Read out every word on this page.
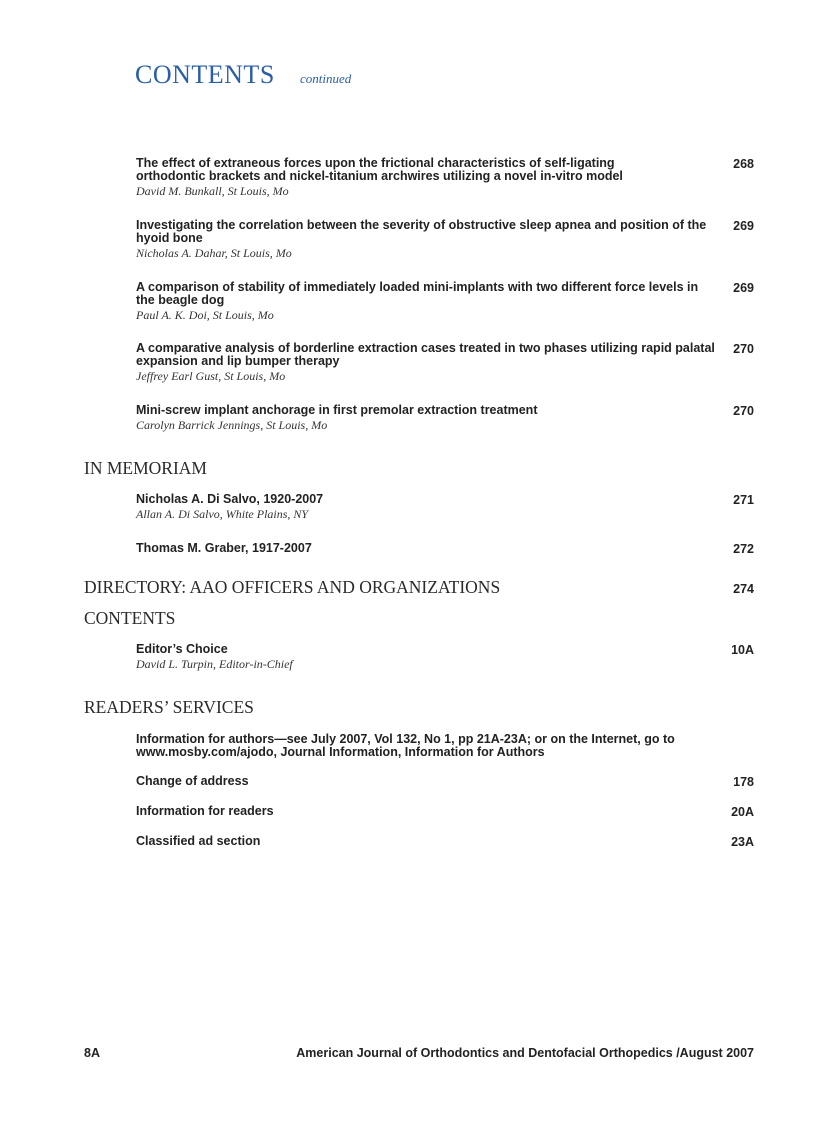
CONTENTS continued
The effect of extraneous forces upon the frictional characteristics of self-ligating orthodontic brackets and nickel-titanium archwires utilizing a novel in-vitro model
David M. Bunkall, St Louis, Mo
268
Investigating the correlation between the severity of obstructive sleep apnea and position of the hyoid bone
Nicholas A. Dahar, St Louis, Mo
269
A comparison of stability of immediately loaded mini-implants with two different force levels in the beagle dog
Paul A. K. Doi, St Louis, Mo
269
A comparative analysis of borderline extraction cases treated in two phases utilizing rapid palatal expansion and lip bumper therapy
Jeffrey Earl Gust, St Louis, Mo
270
Mini-screw implant anchorage in first premolar extraction treatment
Carolyn Barrick Jennings, St Louis, Mo
270
IN MEMORIAM
Nicholas A. Di Salvo, 1920-2007
Allan A. Di Salvo, White Plains, NY
271
Thomas M. Graber, 1917-2007	272
DIRECTORY: AAO OFFICERS AND ORGANIZATIONS	274
CONTENTS
Editor’s Choice
David L. Turpin, Editor-in-Chief
10A
READERS’ SERVICES
Information for authors—see July 2007, Vol 132, No 1, pp 21A-23A; or on the Internet, go to www.mosby.com/ajodo, Journal Information, Information for Authors
Change of address	178
Information for readers	20A
Classified ad section	23A
8A	American Journal of Orthodontics and Dentofacial Orthopedics /August 2007
